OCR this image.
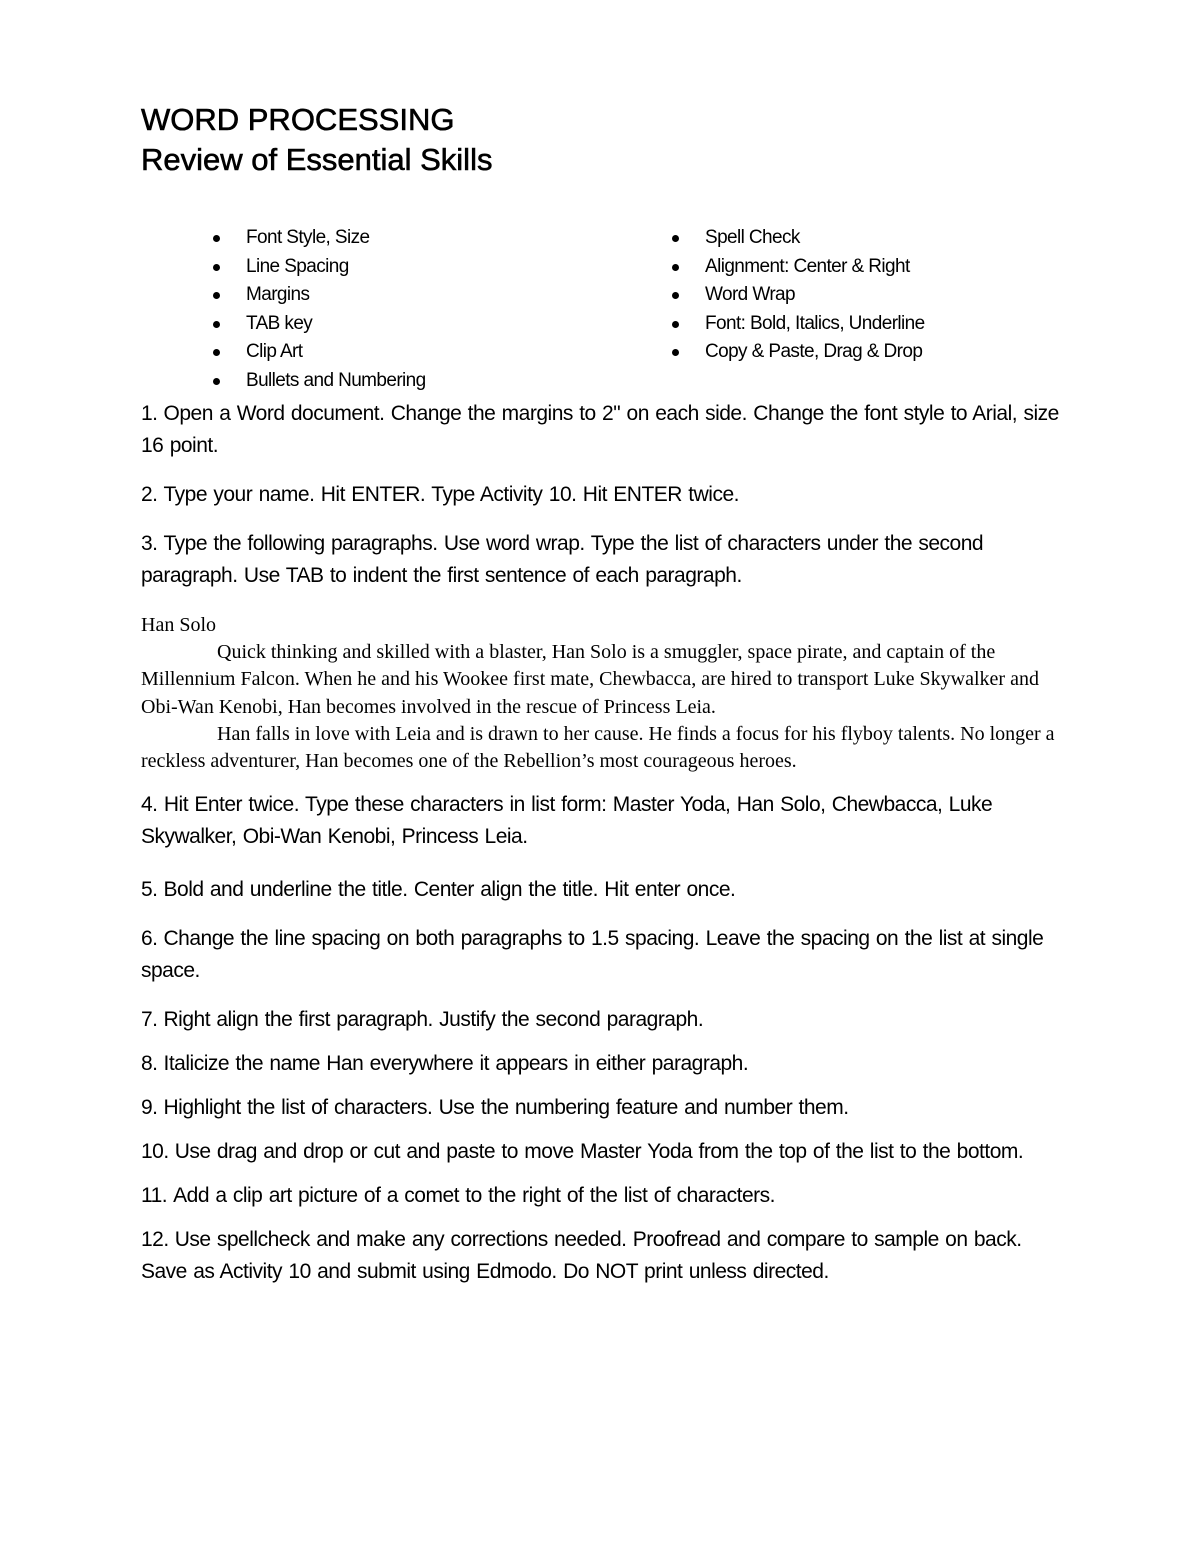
WORD PROCESSING
Review of Essential Skills
Font Style, Size
Line Spacing
Margins
TAB key
Clip Art
Bullets and Numbering
Spell Check
Alignment: Center & Right
Word Wrap
Font: Bold, Italics, Underline
Copy & Paste, Drag & Drop

1. Open a Word document. Change the margins to 2" on each side. Change the font style to Arial, size 16 point.

2. Type your name. Hit ENTER. Type Activity 10. Hit ENTER twice.

3. Type the following paragraphs. Use word wrap. Type the list of characters under the second paragraph. Use TAB to indent the first sentence of each paragraph.

Han Solo

Quick thinking and skilled with a blaster, Han Solo is a smuggler, space pirate, and captain of the Millennium Falcon. When he and his Wookee first mate, Chewbacca, are hired to transport Luke Skywalker and Obi-Wan Kenobi, Han becomes involved in the rescue of Princess Leia.

Han falls in love with Leia and is drawn to her cause. He finds a focus for his flyboy talents. No longer a reckless adventurer, Han becomes one of the Rebellion’s most courageous heroes.

4. Hit Enter twice. Type these characters in list form: Master Yoda, Han Solo, Chewbacca, Luke Skywalker, Obi-Wan Kenobi, Princess Leia.

5. Bold and underline the title. Center align the title. Hit enter once.

6. Change the line spacing on both paragraphs to 1.5 spacing. Leave the spacing on the list at single space.

7. Right align the first paragraph. Justify the second paragraph.

8. Italicize the name Han everywhere it appears in either paragraph.

9. Highlight the list of characters. Use the numbering feature and number them.

10. Use drag and drop or cut and paste to move Master Yoda from the top of the list to the bottom.

11. Add a clip art picture of a comet to the right of the list of characters.

12. Use spellcheck and make any corrections needed. Proofread and compare to sample on back. Save as Activity 10 and submit using Edmodo. Do NOT print unless directed.
